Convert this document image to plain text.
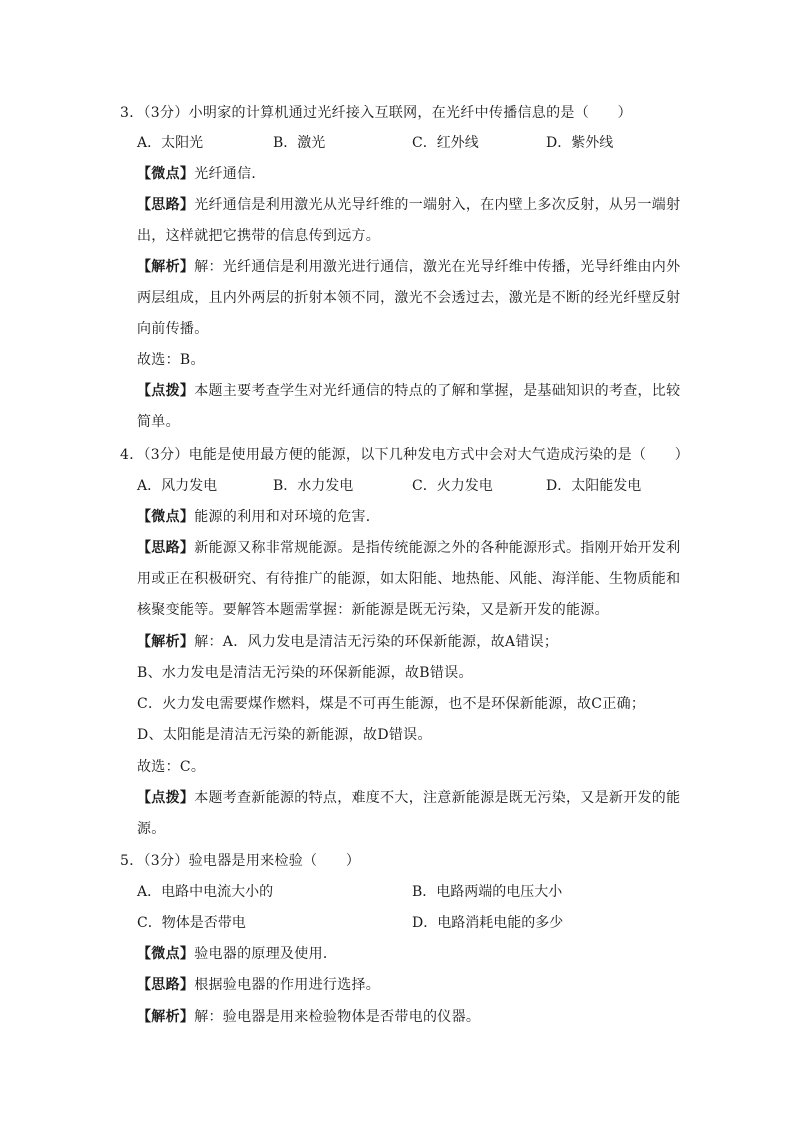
3．（3分）小明家的计算机通过光纤接入互联网，在光纤中传播信息的是（　　）
A．太阳光	B．激光	C．红外线	D．紫外线
【微点】光纤通信．
【思路】光纤通信是利用激光从光导纤维的一端射入，在内壁上多次反射，从另一端射
出，这样就把它携带的信息传到远方。
【解析】解：光纤通信是利用激光进行通信，激光在光导纤维中传播，光导纤维由内外
两层组成，且内外两层的折射本领不同，激光不会透过去，激光是不断的经光纤壁反射
向前传播。
故选：B。
【点拨】本题主要考查学生对光纤通信的特点的了解和掌握，是基础知识的考查，比较
简单。
4．（3分）电能是使用最方便的能源，以下几种发电方式中会对大气造成污染的是（　　）
A．风力发电	B．水力发电	C．火力发电	D．太阳能发电
【微点】能源的利用和对环境的危害．
【思路】新能源又称非常规能源。是指传统能源之外的各种能源形式。指刚开始开发利
用或正在积极研究、有待推广的能源，如太阳能、地热能、风能、海洋能、生物质能和
核聚变能等。要解答本题需掌握：新能源是既无污染，又是新开发的能源。
【解析】解：A．风力发电是清洁无污染的环保新能源，故A错误；
B、水力发电是清洁无污染的环保新能源，故B错误。
C．火力发电需要煤作燃料，煤是不可再生能源，也不是环保新能源，故C正确；
D、太阳能是清洁无污染的新能源，故D错误。
故选：C。
【点拨】本题考查新能源的特点，难度不大，注意新能源是既无污染，又是新开发的能
源。
5．（3分）验电器是用来检验（　　）
A．电路中电流大小的	B．电路两端的电压大小
C．物体是否带电	D．电路消耗电能的多少
【微点】验电器的原理及使用．
【思路】根据验电器的作用进行选择。
【解析】解：验电器是用来检验物体是否带电的仪器。
